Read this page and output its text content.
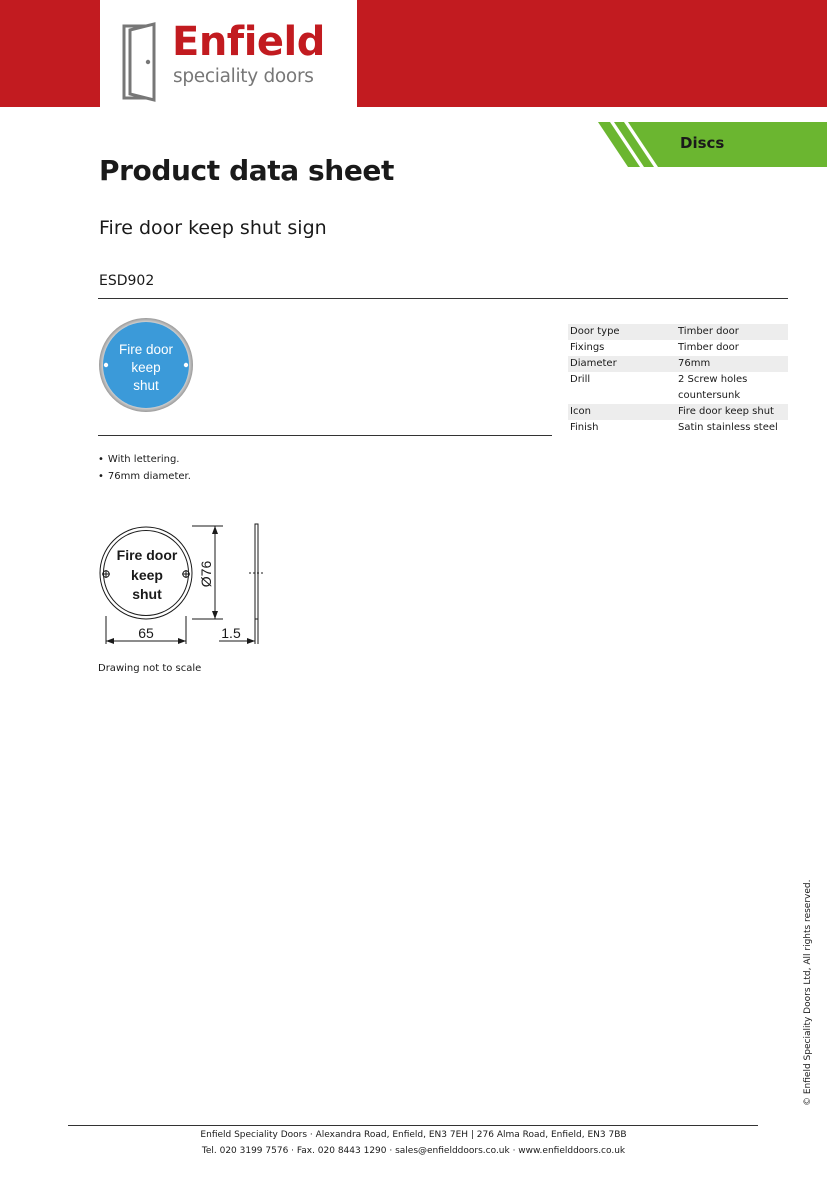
Enfield
speciality doors
Discs
Product data sheet
Fire door keep shut sign
ESD902
Fire door
keep
shut
• With lettering.
• 76mm diameter.
Door type	Timber door
Fixings	Timber door
Diameter	76mm
Drill	2 Screw holes countersunk
Icon	Fire door keep shut
Finish	Satin stainless steel
Fire door
keep
shut
Ø76
65	1.5
Drawing not to scale
© Enfield Speciality Doors Ltd, All rights reserved.
Enfield Speciality Doors · Alexandra Road, Enfield, EN3 7EH | 276 Alma Road, Enfield, EN3 7BB
Tel. 020 3199 7576 · Fax. 020 8443 1290 · sales@enfielddoors.co.uk · www.enfielddoors.co.uk
